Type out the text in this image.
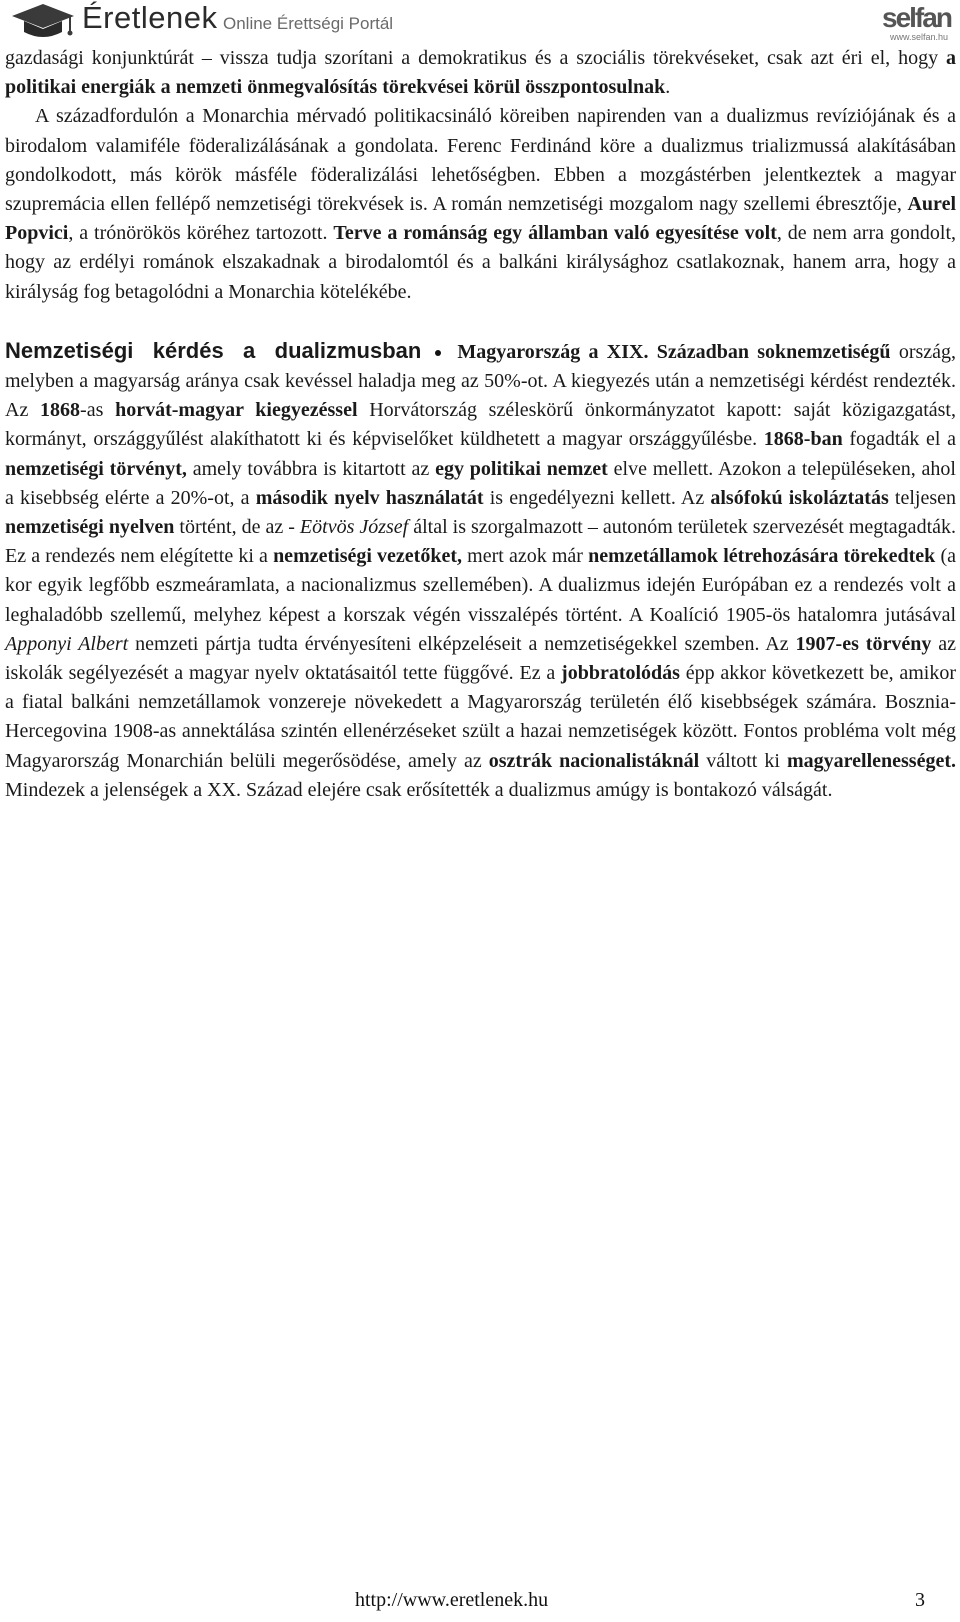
Éretlenek Online Érettségi Portál	selfan
www.selfan.hu

gazdasági konjunktúrát – vissza tudja szorítani a demokratikus és a szociális törekvéseket, csak azt éri el, hogy a politikai energiák a nemzeti önmegvalósítás törekvései körül összpontosulnak.

A századfordulón a Monarchia mérvadó politikacsináló köreiben napirenden van a dualizmus revíziójának és a birodalom valamiféle föderalizálásának a gondolata. Ferenc Ferdinánd köre a dualizmus trializmussá alakításában gondolkodott, más körök másféle föderalizálási lehetőségben. Ebben a mozgástérben jelentkeztek a magyar szupremácia ellen fellépő nemzetiségi törekvések is. A román nemzetiségi mozgalom nagy szellemi ébresztője, Aurel Popvici, a trónörökös köréhez tartozott. Terve a románság egy államban való egyesítése volt, de nem arra gondolt, hogy az erdélyi románok elszakadnak a birodalomtól és a balkáni királysághoz csatlakoznak, hanem arra, hogy a királyság fog betagolódni a Monarchia kötelékébe.

Nemzetiségi kérdés a dualizmusban Magyarország a XIX. Században soknemzetiségű ország, melyben a magyarság aránya csak kevéssel haladja meg az 50%-ot. A kiegyezés után a nemzetiségi kérdést rendezték. Az 1868-as horvát-magyar kiegyezéssel Horvátország széleskörű önkormányzatot kapott: saját közigazgatást, kormányt, országgyűlést alakíthatott ki és képviselőket küldhetett a magyar országgyűlésbe. 1868-ban fogadták el a nemzetiségi törvényt, amely továbbra is kitartott az egy politikai nemzet elve mellett. Azokon a településeken, ahol a kisebbség elérte a 20%-ot, a második nyelv használatát is engedélyezni kellett. Az alsófokú iskoláztatás teljesen nemzetiségi nyelven történt, de az - Eötvös József által is szorgalmazott – autonóm területek szervezését megtagadták. Ez a rendezés nem elégítette ki a nemzetiségi vezetőket, mert azok már nemzetállamok létrehozására törekedtek (a kor egyik legfőbb eszmeáramlata, a nacionalizmus szellemében). A dualizmus idején Európában ez a rendezés volt a leghaladóbb szellemű, melyhez képest a korszak végén visszalépés történt. A Koalíció 1905-ös hatalomra jutásával Apponyi Albert nemzeti pártja tudta érvényesíteni elképzeléseit a nemzetiségekkel szemben. Az 1907-es törvény az iskolák segélyezését a magyar nyelv oktatásaitól tette függővé. Ez a jobbratolódás épp akkor következett be, amikor a fiatal balkáni nemzetállamok vonzereje növekedett a Magyarország területén élő kisebbségek számára. Bosznia-Hercegovina 1908-as annektálása szintén ellenérzéseket szült a hazai nemzetiségek között. Fontos probléma volt még Magyarország Monarchián belüli megerősödése, amely az osztrák nacionalistáknál váltott ki magyarellenességet. Mindezek a jelenségek a XX. Század elejére csak erősítették a dualizmus amúgy is bontakozó válságát.

http://www.eretlenek.hu	3
